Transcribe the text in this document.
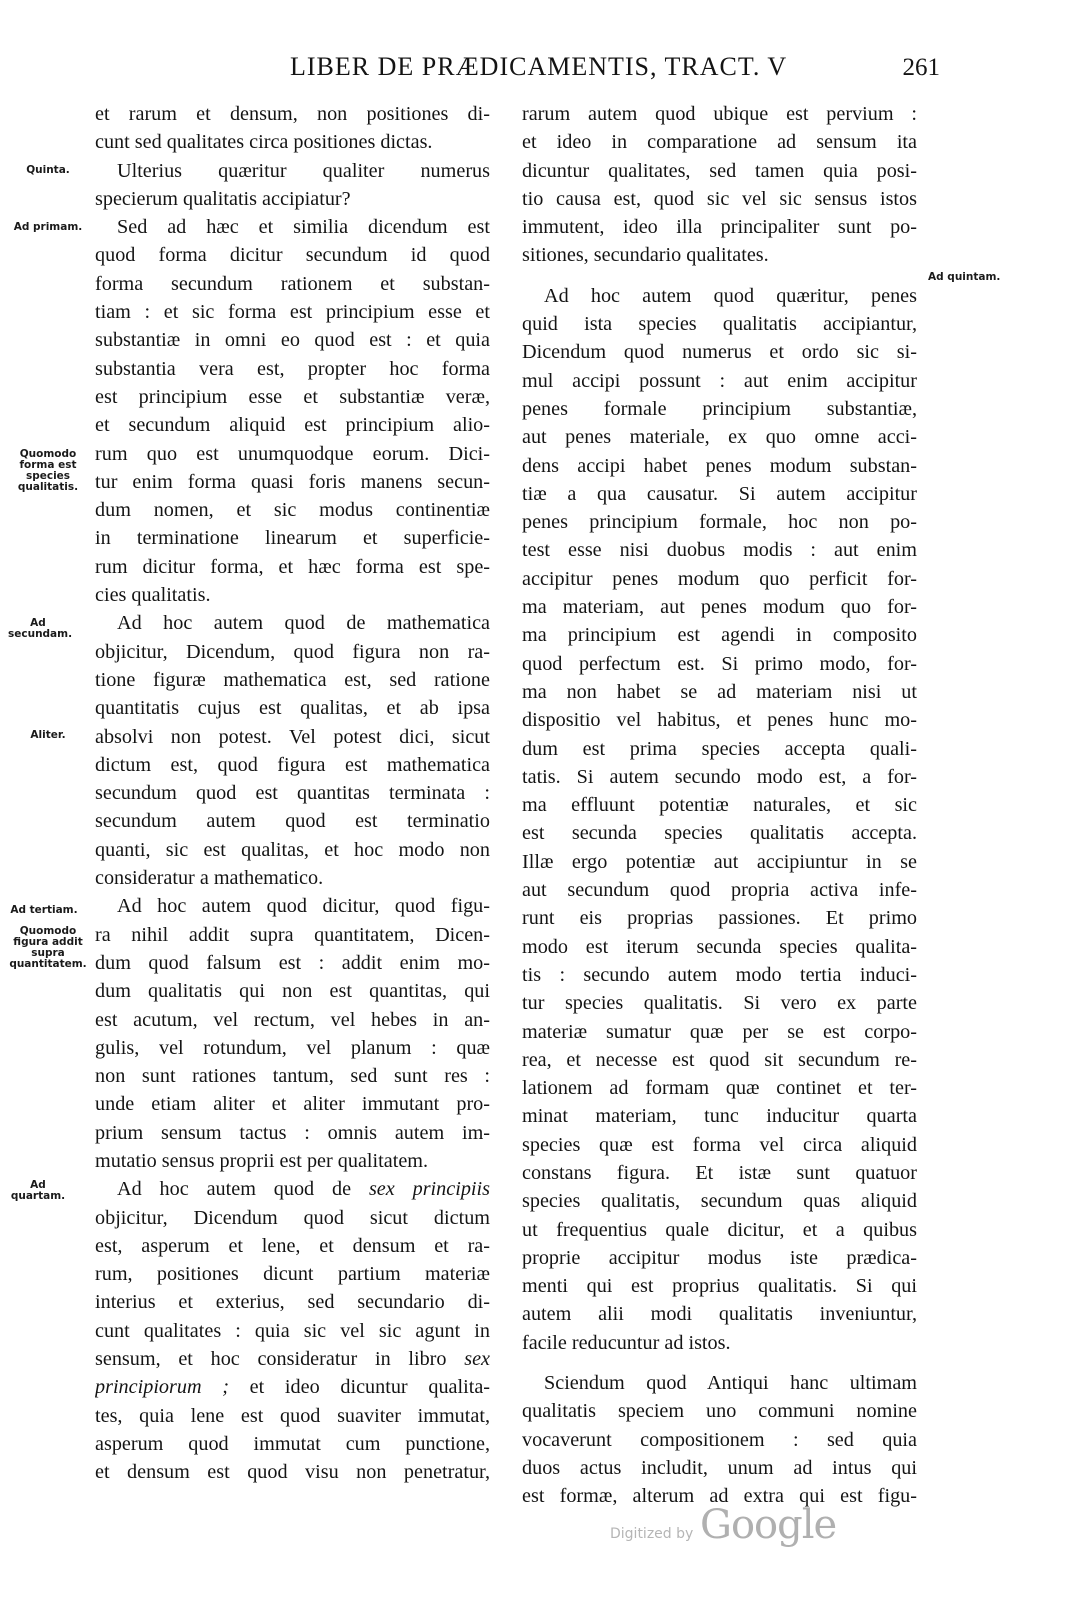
LIBER DE PRÆDICAMENTIS, TRACT. V	261
Quinta.
Ad primam.
Quomodo forma est species qualitatis.
Ad secundam.
Aliter.
Ad tertiam.
Quomodo figura addit supra quantitatem.
Ad quartam.
Ad quintam.
et rarum et densum, non positiones di-
cunt sed qualitates circa positiones dictas.
Ulterius quæritur qualiter numerus
specierum qualitatis accipiatur?
Sed ad hæc et similia dicendum est
quod forma dicitur secundum id quod
forma secundum rationem et substan-
tiam : et sic forma est principium esse et
substantiæ in omni eo quod est : et quia
substantia vera est, propter hoc forma
est principium esse et substantiæ veræ,
et secundum aliquid est principium alio-
rum quo est unumquodque eorum. Dici-
tur enim forma quasi foris manens secun-
dum nomen, et sic modus continentiæ
in terminatione linearum et superficie-
rum dicitur forma, et hæc forma est spe-
cies qualitatis.
Ad hoc autem quod de mathematica
objicitur, Dicendum, quod figura non ra-
tione figuræ mathematica est, sed ratione
quantitatis cujus est qualitas, et ab ipsa
absolvi non potest. Vel potest dici, sicut
dictum est, quod figura est mathematica
secundum quod est quantitas terminata :
secundum autem quod est terminatio
quanti, sic est qualitas, et hoc modo non
consideratur a mathematico.
Ad hoc autem quod dicitur, quod figu-
ra nihil addit supra quantitatem, Dicen-
dum quod falsum est : addit enim mo-
dum qualitatis qui non est quantitas, qui
est acutum, vel rectum, vel hebes in an-
gulis, vel rotundum, vel planum : quæ
non sunt rationes tantum, sed sunt res :
unde etiam aliter et aliter immutant pro-
prium sensum tactus : omnis autem im-
mutatio sensus proprii est per qualitatem.
Ad hoc autem quod de sex principiis
objicitur, Dicendum quod sicut dictum
est, asperum et lene, et densum et ra-
rum, positiones dicunt partium materiæ
interius et exterius, sed secundario di-
cunt qualitates : quia sic vel sic agunt in
sensum, et hoc consideratur in libro sex
principiorum ; et ideo dicuntur qualita-
tes, quia lene est quod suaviter immutat,
asperum quod immutat cum punctione,
et densum est quod visu non penetratur,
rarum autem quod ubique est pervium :
et ideo in comparatione ad sensum ita
dicuntur qualitates, sed tamen quia posi-
tio causa est, quod sic vel sic sensus istos
immutent, ideo illa principaliter sunt po-
sitiones, secundario qualitates.
Ad hoc autem quod quæritur, penes
quid ista species qualitatis accipiantur,
Dicendum quod numerus et ordo sic si-
mul accipi possunt : aut enim accipitur
penes formale principium substantiæ,
aut penes materiale, ex quo omne acci-
dens accipi habet penes modum substan-
tiæ a qua causatur. Si autem accipitur
penes principium formale, hoc non po-
test esse nisi duobus modis : aut enim
accipitur penes modum quo perficit for-
ma materiam, aut penes modum quo for-
ma principium est agendi in composito
quod perfectum est. Si primo modo, for-
ma non habet se ad materiam nisi ut
dispositio vel habitus, et penes hunc mo-
dum est prima species accepta quali-
tatis. Si autem secundo modo est, a for-
ma effluunt potentiæ naturales, et sic
est secunda species qualitatis accepta.
Illæ ergo potentiæ aut accipiuntur in se
aut secundum quod propria activa infe-
runt eis proprias passiones. Et primo
modo est iterum secunda species qualita-
tis : secundo autem modo tertia induci-
tur species qualitatis. Si vero ex parte
materiæ sumatur quæ per se est corpo-
rea, et necesse est quod sit secundum re-
lationem ad formam quæ continet et ter-
minat materiam, tunc inducitur quarta
species quæ est forma vel circa aliquid
constans figura. Et istæ sunt quatuor
species qualitatis, secundum quas aliquid
ut frequentius quale dicitur, et a quibus
proprie accipitur modus iste prædica-
menti qui est proprius qualitatis. Si qui
autem alii modi qualitatis inveniuntur,
facile reducuntur ad istos.
Sciendum quod Antiqui hanc ultimam
qualitatis speciem uno communi nomine
vocaverunt compositionem : sed quia
duos actus includit, unum ad intus qui
est formæ, alterum ad extra qui est figu-
Digitized by Google
